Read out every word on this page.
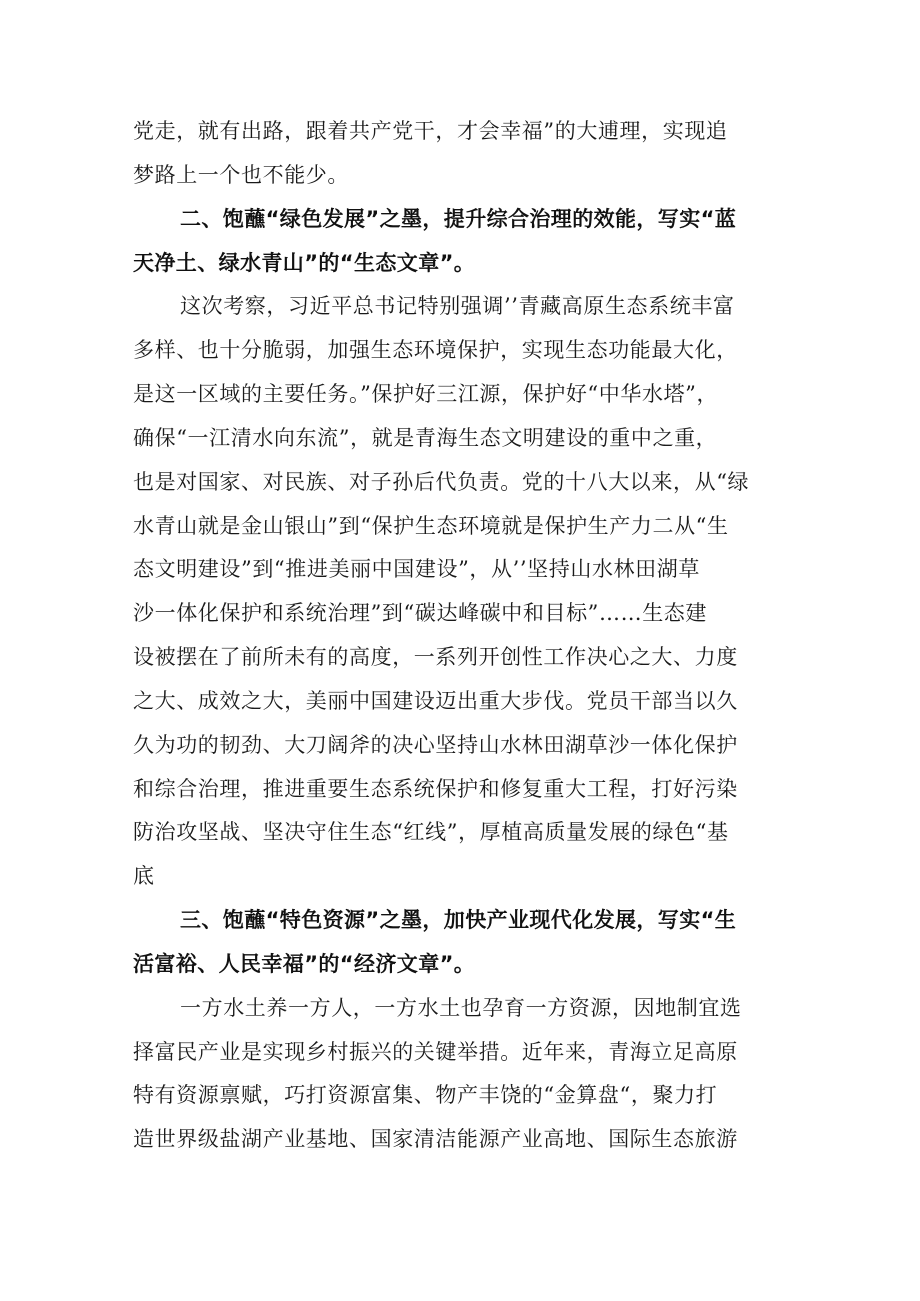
党走，就有出路，跟着共产党干，才会幸福”的大逋理，实现追
梦路上一个也不能少。
二、饱蘸“绿色发展”之墨，提升综合治理的效能，写实“蓝
天净土、绿水青山”的“生态文章”。
这次考察，习近平总书记特别强调’’青藏高原生态系统丰富
多样、也十分脆弱，加强生态环境保护，实现生态功能最大化，
是这一区域的主要任务。”保护好三江源，保护好“中华水塔”，
确保“一江清水向东流”，就是青海生态文明建设的重中之重，
也是对国家、对民族、对子孙后代负责。党的十八大以来，从“绿
水青山就是金山银山”到“保护生态环境就是保护生产力二从“生
态文明建设”到“推进美丽中国建设”，从’’坚持山水林田湖草
沙一体化保护和系统治理”到“碳达峰碳中和目标”……生态建
设被摆在了前所未有的高度，一系列开创性工作决心之大、力度
之大、成效之大，美丽中国建设迈出重大步伐。党员干部当以久
久为功的韧劲、大刀阔斧的决心坚持山水林田湖草沙一体化保护
和综合治理，推进重要生态系统保护和修复重大工程，打好污染
防治攻坚战、坚决守住生态“红线”，厚植高质量发展的绿色“基
底
三、饱蘸“特色资源”之墨，加快产业现代化发展，写实“生
活富裕、人民幸福”的“经济文章”。
一方水土养一方人，一方水土也孕育一方资源，因地制宜选
择富民产业是实现乡村振兴的关键举措。近年来，青海立足高原
特有资源禀赋，巧打资源富集、物产丰饶的“金算盘“，聚力打
造世界级盐湖产业基地、国家清洁能源产业高地、国际生态旅游
